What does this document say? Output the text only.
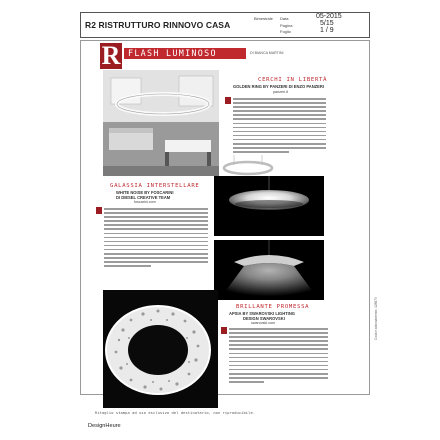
R2 RISTRUTTURO RINNOVO CASA
Bimestrale Data
Pagina
Foglio
05-2015
5/15
1 / 9
R FLASH LUMINOSO	DI BIANCA MARTINI
CERCHI IN LIBERTÀ
GOLDEN RING BY PANZERI DI ENZO PANZERI
panzeri.it
GALASSIA INTERSTELLARE
WHITE NOISE BY FOSCARINI
DI DIESEL CREATIVE TEAM
foscarini.com
BRILLANTE PROMESSA
APSIA BY SWAROVSKI LIGHTING
DESIGN SWAROVSKI
swarovski.com	Codice abbonamento: 128879
Ritaglio stampa ad uso esclusivo del destinatario, non riproducibile.
DesignHeure
